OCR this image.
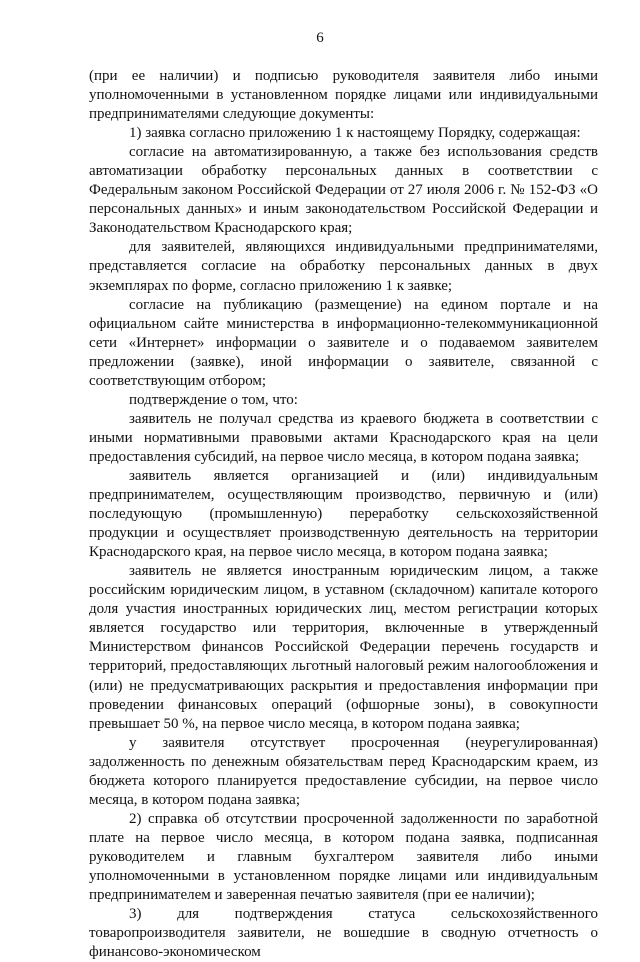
6

(при ее наличии) и подписью руководителя заявителя либо иными уполномоченными в установленном порядке лицами или индивидуальными предпринимателями следующие документы:

1) заявка согласно приложению 1 к настоящему Порядку, содержащая:

согласие на автоматизированную, а также без использования средств автоматизации обработку персональных данных в соответствии с Федеральным законом Российской Федерации от 27 июля 2006 г. № 152-ФЗ «О персональных данных» и иным законодательством Российской Федерации и Законодательством Краснодарского края;

для заявителей, являющихся индивидуальными предпринимателями, представляется согласие на обработку персональных данных в двух экземплярах по форме, согласно приложению 1 к заявке;

согласие на публикацию (размещение) на едином портале и на официальном сайте министерства в информационно-телекоммуникационной сети «Интернет» информации о заявителе и о подаваемом заявителем предложении (заявке), иной информации о заявителе, связанной с соответствующим отбором;

подтверждение о том, что:

заявитель не получал средства из краевого бюджета в соответствии с иными нормативными правовыми актами Краснодарского края на цели предоставления субсидий, на первое число месяца, в котором подана заявка;

заявитель является организацией и (или) индивидуальным предпринимателем, осуществляющим производство, первичную и (или) последующую (промышленную) переработку сельскохозяйственной продукции и осуществляет производственную деятельность на территории Краснодарского края, на первое число месяца, в котором подана заявка;

заявитель не является иностранным юридическим лицом, а также российским юридическим лицом, в уставном (складочном) капитале которого доля участия иностранных юридических лиц, местом регистрации которых является государство или территория, включенные в утвержденный Министерством финансов Российской Федерации перечень государств и территорий, предоставляющих льготный налоговый режим налогообложения и (или) не предусматривающих раскрытия и предоставления информации при проведении финансовых операций (офшорные зоны), в совокупности превышает 50 %, на первое число месяца, в котором подана заявка;

у заявителя отсутствует просроченная (неурегулированная) задолженность по денежным обязательствам перед Краснодарским краем, из бюджета которого планируется предоставление субсидии, на первое число месяца, в котором подана заявка;

2) справка об отсутствии просроченной задолженности по заработной плате на первое число месяца, в котором подана заявка, подписанная руководителем и главным бухгалтером заявителя либо иными уполномоченными в установленном порядке лицами или индивидуальным предпринимателем и заверенная печатью заявителя (при ее наличии);

3) для подтверждения статуса сельскохозяйственного товаропроизводителя заявители, не вошедшие в сводную отчетность о финансово-экономическом
